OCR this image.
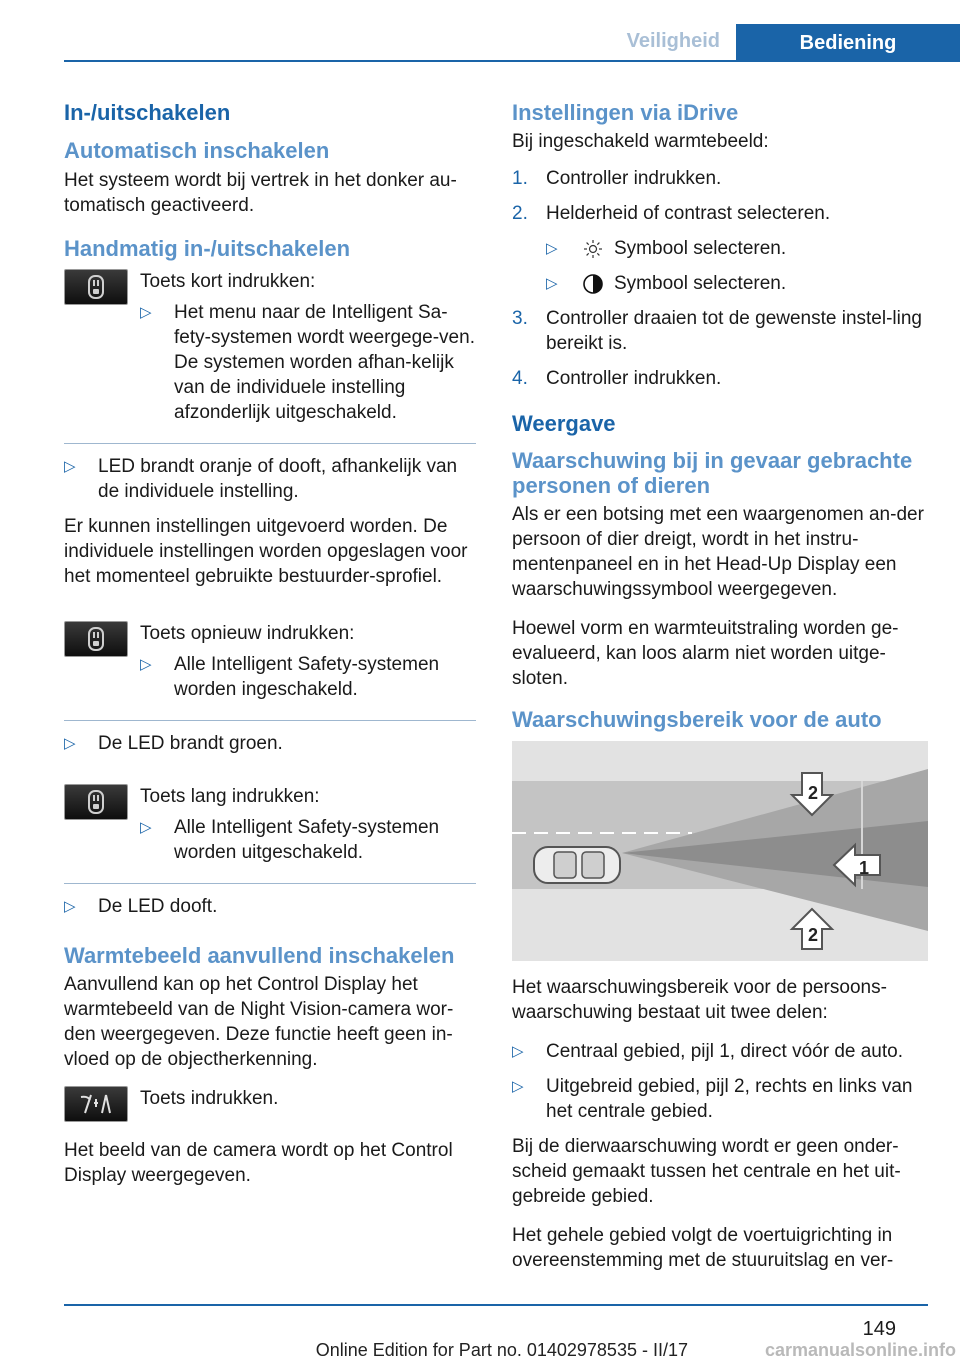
Veiligheid	Bediening
In-/uitschakelen
Automatisch inschakelen
Het systeem wordt bij vertrek in het donker au-tomatisch geactiveerd.
Handmatig in-/uitschakelen
Toets kort indrukken:
▷	Het menu naar de Intelligent Sa-fety-systemen wordt weergege-ven. De systemen worden afhan-kelijk van de individuele instelling afzonderlijk uitgeschakeld.
▷	LED brandt oranje of dooft, afhankelijk van de individuele instelling.
Er kunnen instellingen uitgevoerd worden. De individuele instellingen worden opgeslagen voor het momenteel gebruikte bestuurder-sprofiel.
Toets opnieuw indrukken:
▷	Alle Intelligent Safety-systemen worden ingeschakeld.
▷	De LED brandt groen.
Toets lang indrukken:
▷	Alle Intelligent Safety-systemen worden uitgeschakeld.
▷	De LED dooft.
Warmtebeeld aanvullend inschakelen
Aanvullend kan op het Control Display het warmtebeeld van de Night Vision-camera wor-den weergegeven. Deze functie heeft geen in-vloed op de objectherkenning.
Toets indrukken.
Het beeld van de camera wordt op het Control Display weergegeven.
Instellingen via iDrive
Bij ingeschakeld warmtebeeld:
1. Controller indrukken.
2. Helderheid of contrast selecteren.
▷	Symbool selecteren.
▷	Symbool selecteren.
3. Controller draaien tot de gewenste instel-ling bereikt is.
4. Controller indrukken.
Weergave
Waarschuwing bij in gevaar gebrachte personen of dieren
Als er een botsing met een waargenomen an-der persoon of dier dreigt, wordt in het instru-mentenpaneel en in het Head-Up Display een waarschuwingssymbool weergegeven.
Hoewel vorm en warmteuitstraling worden ge-evalueerd, kan loos alarm niet worden uitge-sloten.
Waarschuwingsbereik voor de auto
1
2
2
Het waarschuwingsbereik voor de persoons-waarschuwing bestaat uit twee delen:
▷	Centraal gebied, pijl 1, direct vóór de auto.
▷	Uitgebreid gebied, pijl 2, rechts en links van het centrale gebied.
Bij de dierwaarschuwing wordt er geen onder-scheid gemaakt tussen het centrale en het uit-gebreide gebied.
Het gehele gebied volgt de voertuigrichting in overeenstemming met de stuuruitslag en ver-
149
Online Edition for Part no. 01402978535 - II/17	carmanualsonline.info
